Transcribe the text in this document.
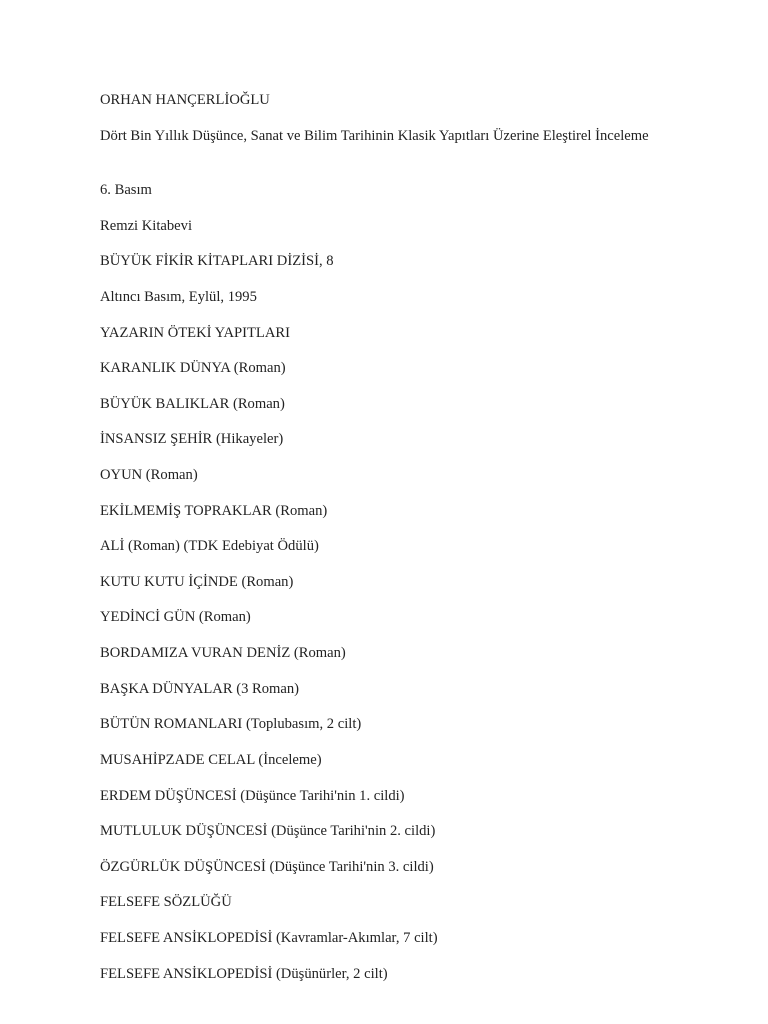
ORHAN HANÇERLİOĞLU
Dört Bin Yıllık Düşünce, Sanat ve Bilim Tarihinin Klasik Yapıtları Üzerine Eleştirel İnceleme
6. Basım
Remzi Kitabevi
BÜYÜK FİKİR KİTAPLARI DİZİSİ, 8
Altıncı Basım, Eylül, 1995
YAZARIN ÖTEKİ YAPITLARI
KARANLIK DÜNYA (Roman)
BÜYÜK BALIKLAR (Roman)
İNSANSIZ ŞEHİR (Hikayeler)
OYUN (Roman)
EKİLMEMİŞ TOPRAKLAR (Roman)
ALİ (Roman) (TDK Edebiyat Ödülü)
KUTU KUTU İÇİNDE (Roman)
YEDİNCİ GÜN (Roman)
BORDAMIZA VURAN DENİZ (Roman)
BAŞKA DÜNYALAR (3 Roman)
BÜTÜN ROMANLARI (Toplubasım, 2 cilt)
MUSAHİPZADE CELAL (İnceleme)
ERDEM DÜŞÜNCESİ (Düşünce Tarihi'nin 1. cildi)
MUTLULUK DÜŞÜNCESİ (Düşünce Tarihi'nin 2. cildi)
ÖZGÜRLÜK DÜŞÜNCESİ (Düşünce Tarihi'nin 3. cildi)
FELSEFE SÖZLÜĞÜ
FELSEFE ANSİKLOPEDİSİ (Kavramlar-Akımlar, 7 cilt)
FELSEFE ANSİKLOPEDİSİ (Düşünürler, 2 cilt)
